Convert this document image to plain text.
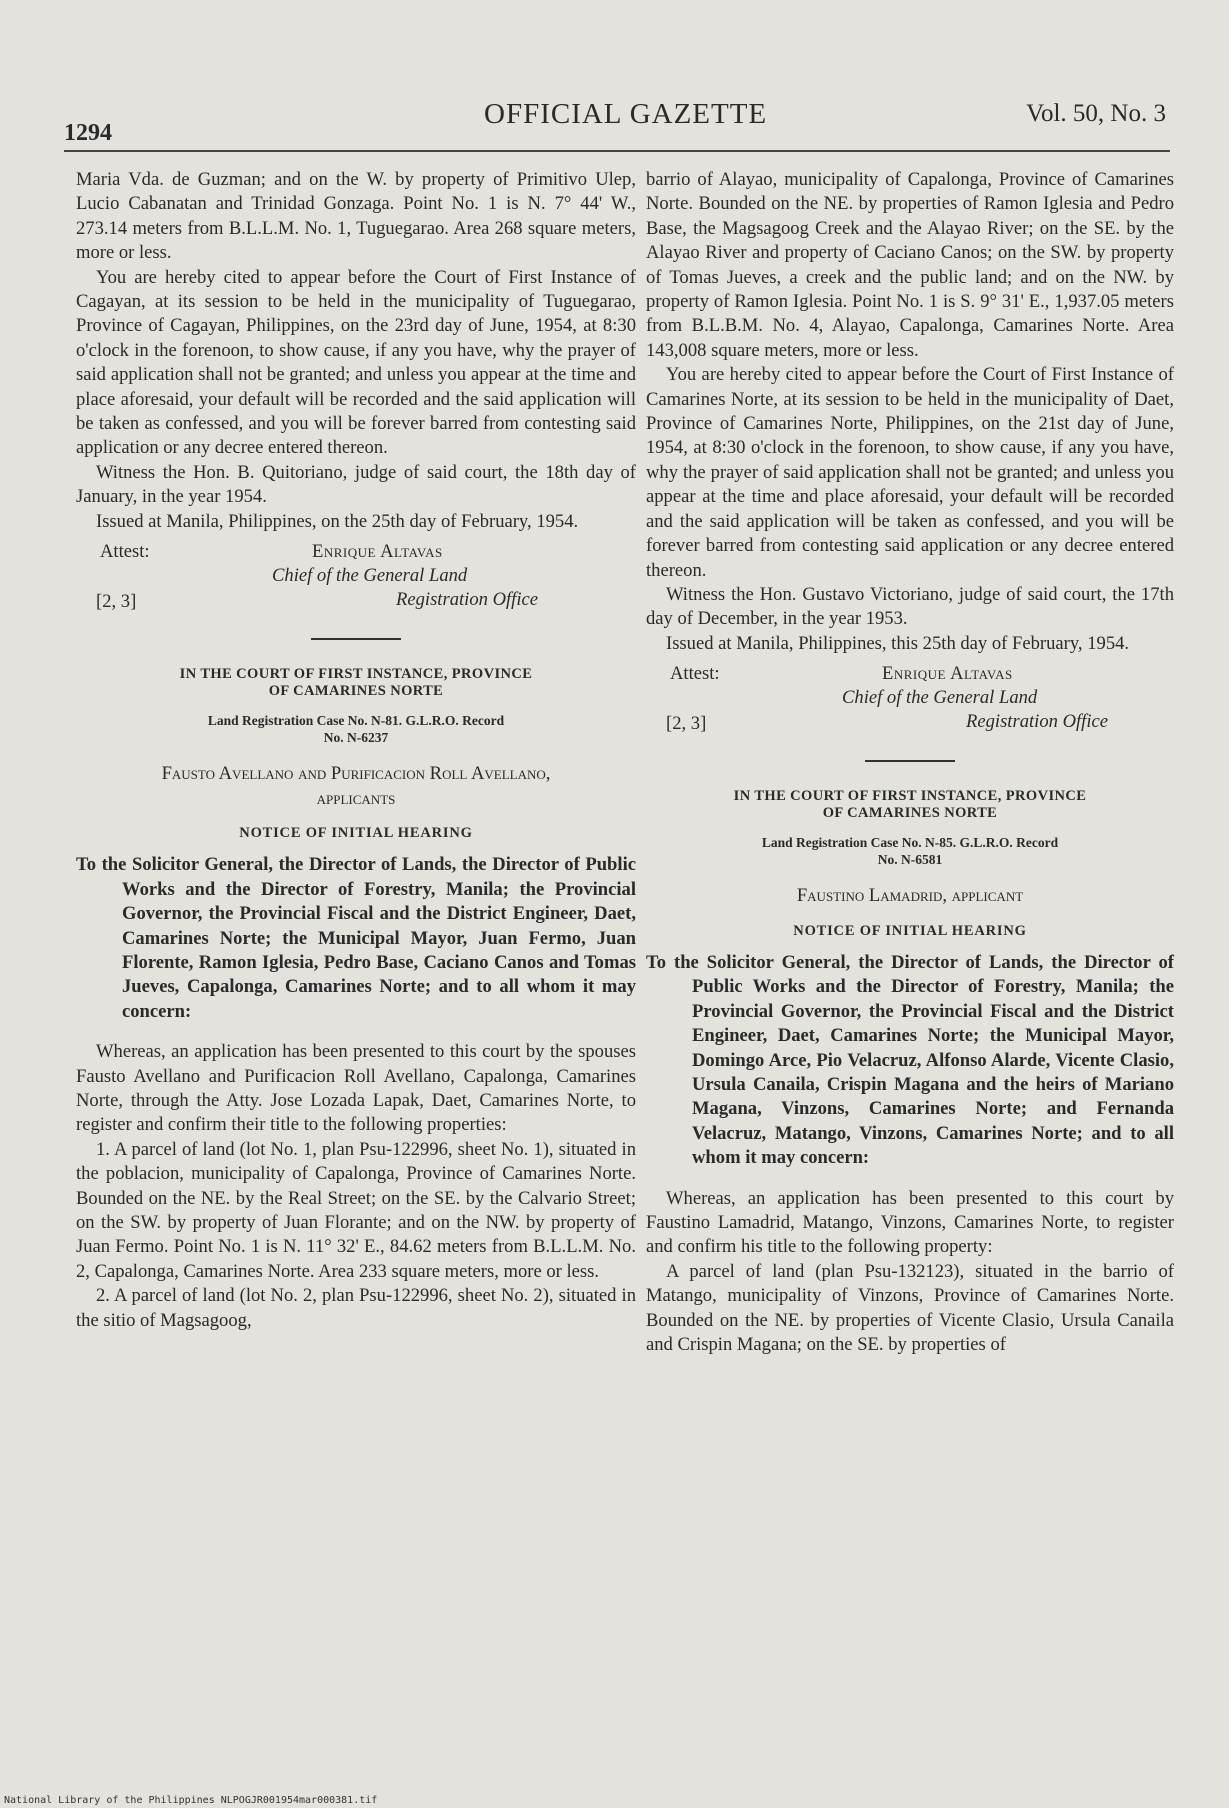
1294
OFFICIAL GAZETTE	Vol. 50, No. 3

Maria Vda. de Guzman; and on the W. by property of Primitivo Ulep, Lucio Cabanatan and Trinidad Gonzaga. Point No. 1 is N. 7° 44' W., 273.14 meters from B.L.L.M. No. 1, Tuguegarao. Area 268 square meters, more or less.

You are hereby cited to appear before the Court of First Instance of Cagayan, at its session to be held in the municipality of Tuguegarao, Province of Cagayan, Philippines, on the 23rd day of June, 1954, at 8:30 o'clock in the forenoon, to show cause, if any you have, why the prayer of said application shall not be granted; and unless you appear at the time and place aforesaid, your default will be recorded and the said application will be taken as confessed, and you will be forever barred from contesting said application or any decree entered thereon.

Witness the Hon. B. Quitoriano, judge of said court, the 18th day of January, in the year 1954.

Issued at Manila, Philippines, on the 25th day of February, 1954.

Attest:	Enrique Altavas
Chief of the General Land
Registration Office
[2, 3]
IN THE COURT OF FIRST INSTANCE, PROVINCE
OF CAMARINES NORTE
Land Registration Case No. N-81. G.L.R.O. Record
No. N-6237
Fausto Avellano and Purificacion Roll Avellano,
applicants
NOTICE OF INITIAL HEARING

To the Solicitor General, the Director of Lands, the Director of Public Works and the Director of Forestry, Manila; the Provincial Governor, the Provincial Fiscal and the District Engineer, Daet, Camarines Norte; the Municipal Mayor, Juan Fermo, Juan Florente, Ramon Iglesia, Pedro Base, Caciano Canos and Tomas Jueves, Capalonga, Camarines Norte; and to all whom it may concern:

Whereas, an application has been presented to this court by the spouses Fausto Avellano and Purificacion Roll Avellano, Capalonga, Camarines Norte, through the Atty. Jose Lozada Lapak, Daet, Camarines Norte, to register and confirm their title to the following properties:

1. A parcel of land (lot No. 1, plan Psu-122996, sheet No. 1), situated in the poblacion, municipality of Capalonga, Province of Camarines Norte. Bounded on the NE. by the Real Street; on the SE. by the Calvario Street; on the SW. by property of Juan Florante; and on the NW. by property of Juan Fermo. Point No. 1 is N. 11° 32' E., 84.62 meters from B.L.L.M. No. 2, Capalonga, Camarines Norte. Area 233 square meters, more or less.

2. A parcel of land (lot No. 2, plan Psu-122996, sheet No. 2), situated in the sitio of Magsagoog,

barrio of Alayao, municipality of Capalonga, Province of Camarines Norte. Bounded on the NE. by properties of Ramon Iglesia and Pedro Base, the Magsagoog Creek and the Alayao River; on the SE. by the Alayao River and property of Caciano Canos; on the SW. by property of Tomas Jueves, a creek and the public land; and on the NW. by property of Ramon Iglesia. Point No. 1 is S. 9° 31' E., 1,937.05 meters from B.L.B.M. No. 4, Alayao, Capalonga, Camarines Norte. Area 143,008 square meters, more or less.

You are hereby cited to appear before the Court of First Instance of Camarines Norte, at its session to be held in the municipality of Daet, Province of Camarines Norte, Philippines, on the 21st day of June, 1954, at 8:30 o'clock in the forenoon, to show cause, if any you have, why the prayer of said application shall not be granted; and unless you appear at the time and place aforesaid, your default will be recorded and the said application will be taken as confessed, and you will be forever barred from contesting said application or any decree entered thereon.

Witness the Hon. Gustavo Victoriano, judge of said court, the 17th day of December, in the year 1953.

Issued at Manila, Philippines, this 25th day of February, 1954.

Attest:	Enrique Altavas
Chief of the General Land
Registration Office
[2, 3]
IN THE COURT OF FIRST INSTANCE, PROVINCE
OF CAMARINES NORTE
Land Registration Case No. N-85. G.L.R.O. Record
No. N-6581
Faustino Lamadrid, applicant
NOTICE OF INITIAL HEARING

To the Solicitor General, the Director of Lands, the Director of Public Works and the Director of Forestry, Manila; the Provincial Governor, the Provincial Fiscal and the District Engineer, Daet, Camarines Norte; the Municipal Mayor, Domingo Arce, Pio Velacruz, Alfonso Alarde, Vicente Clasio, Ursula Canaila, Crispin Magana and the heirs of Mariano Magana, Vinzons, Camarines Norte; and Fernanda Velacruz, Matango, Vinzons, Camarines Norte; and to all whom it may concern:

Whereas, an application has been presented to this court by Faustino Lamadrid, Matango, Vinzons, Camarines Norte, to register and confirm his title to the following property:

A parcel of land (plan Psu-132123), situated in the barrio of Matango, municipality of Vinzons, Province of Camarines Norte. Bounded on the NE. by properties of Vicente Clasio, Ursula Canaila and Crispin Magana; on the SE. by properties of

National Library of the Philippines NLPOGJR001954mar000381.tif
